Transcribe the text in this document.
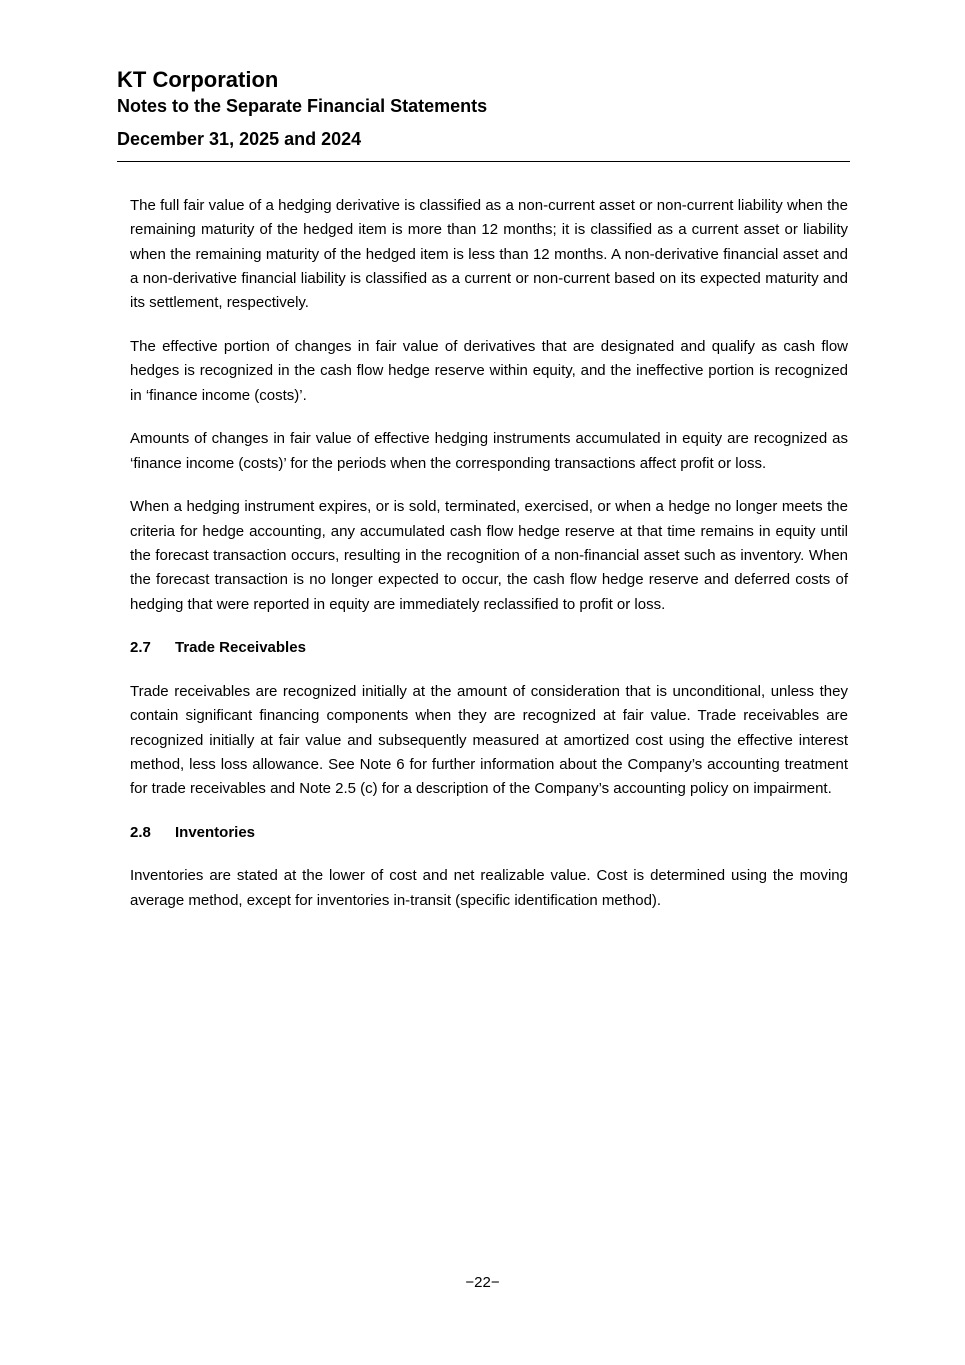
KT Corporation

Notes to the Separate Financial Statements

December 31, 2025 and 2024

The full fair value of a hedging derivative is classified as a non-current asset or non-current liability when the remaining maturity of the hedged item is more than 12 months; it is classified as a current asset or liability when the remaining maturity of the hedged item is less than 12 months. A non-derivative financial asset and a non-derivative financial liability is classified as a current or non-current based on its expected maturity and its settlement, respectively.

The effective portion of changes in fair value of derivatives that are designated and qualify as cash flow hedges is recognized in the cash flow hedge reserve within equity, and the ineffective portion is recognized in ‘finance income (costs)’.

Amounts of changes in fair value of effective hedging instruments accumulated in equity are recognized as ‘finance income (costs)’ for the periods when the corresponding transactions affect profit or loss.

When a hedging instrument expires, or is sold, terminated, exercised, or when a hedge no longer meets the criteria for hedge accounting, any accumulated cash flow hedge reserve at that time remains in equity until the forecast transaction occurs, resulting in the recognition of a non-financial asset such as inventory. When the forecast transaction is no longer expected to occur, the cash flow hedge reserve and deferred costs of hedging that were reported in equity are immediately reclassified to profit or loss.

2.7	Trade Receivables

Trade receivables are recognized initially at the amount of consideration that is unconditional, unless they contain significant financing components when they are recognized at fair value. Trade receivables are recognized initially at fair value and subsequently measured at amortized cost using the effective interest method, less loss allowance. See Note 6 for further information about the Company’s accounting treatment for trade receivables and Note 2.5 (c) for a description of the Company’s accounting policy on impairment.

2.8	Inventories

Inventories are stated at the lower of cost and net realizable value. Cost is determined using the moving average method, except for inventories in-transit (specific identification method).

−22−
